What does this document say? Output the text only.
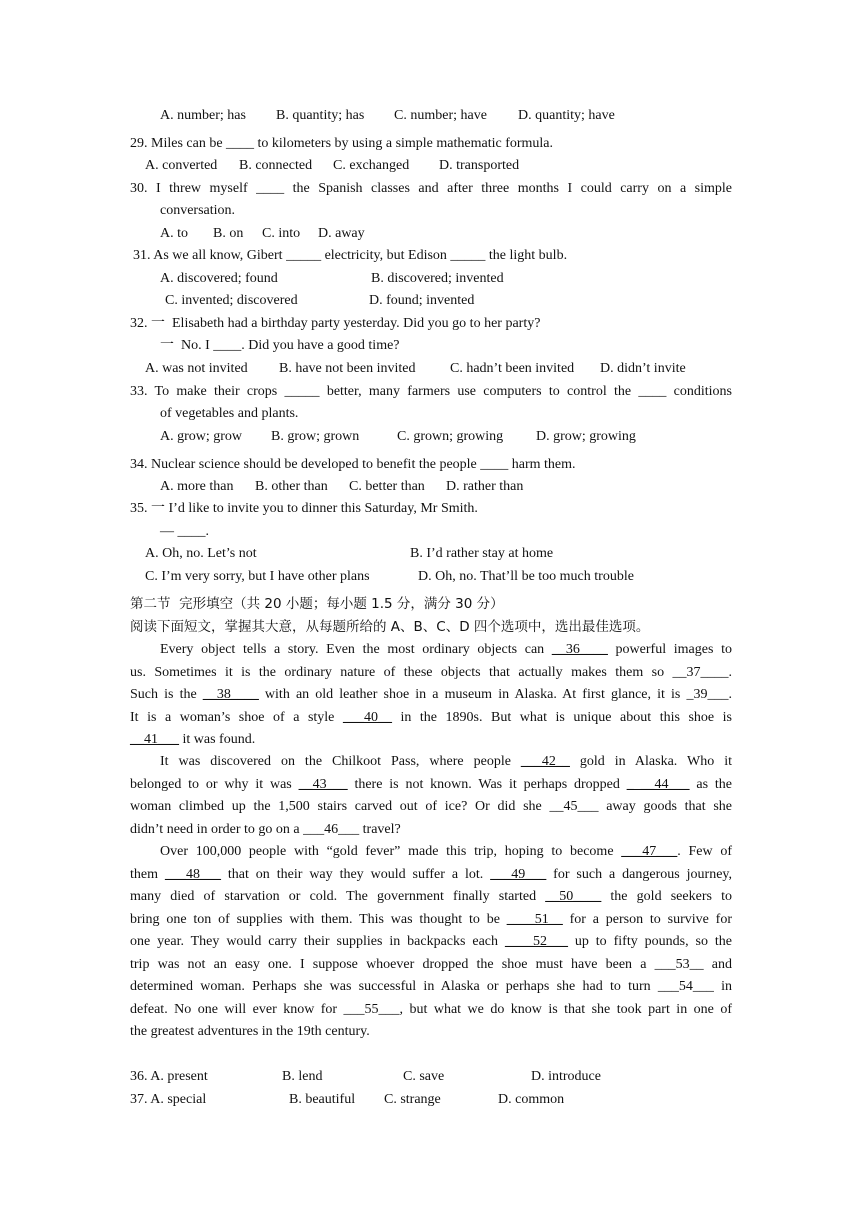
A. number; has B. quantity; has C. number; have D. quantity; have
29. Miles can be ____ to kilometers by using a simple mathematic formula.
A. converted B. connected C. exchanged D. transported
30. I threw myself ____ the Spanish classes and after three months I could carry on a simple
conversation.
A. to B. on C. into D. away
31. As we all know, Gibert _____ electricity, but Edison _____ the light bulb.
A. discovered; found	B. discovered; invented
C. invented; discovered	D. found; invented
32. 一  Elisabeth had a birthday party yesterday. Did you go to her party?
一  No. I ____. Did you have a good time?
A. was not invited B. have not been invited C. hadn’t been invited D. didn’t invite
33. To make their crops _____ better, many farmers use computers to control the ____ conditions
of vegetables and plants.
A. grow; grow B. grow; grown	C. grown; growing D. grow; growing
34. Nuclear science should be developed to benefit the people ____ harm them.
A. more than B. other than C. better than D. rather than
35. 一 I’d like to invite you to dinner this Saturday, Mr Smith.
— ____.
A. Oh, no. Let’s not	B. I’d rather stay at home
C. I’m very sorry, but I have other plans	D. Oh, no. That’ll be too much trouble
第二节  完形填空（共 20 小题；每小题 1.5 分，满分 30 分）
阅读下面短文，掌握其大意，从每题所给的 A、B、C、D 四个选项中，选出最佳选项。
Every object tells a story. Even the most ordinary objects can __36____ powerful images to
us. Sometimes it is the ordinary nature of these objects that actually makes them so __37____.
Such is the __38____ with an old leather shoe in a museum in Alaska. At first glance, it is _39___.
It is a woman’s shoe of a style ___40__ in the 1890s. But what is unique about this shoe is
__41___ it was found.
It was discovered on the Chilkoot Pass, where people ___42__ gold in Alaska. Who it
belonged to or why it was __43___ there is not known. Was it perhaps dropped _ __44___ as the
woman climbed up the 1,500 stairs carved out of ice? Or did she __45___ away goods that she
didn’t need in order to go on a ___46___ travel?
Over 100,000 people with “gold fever” made this trip, hoping to become ___47___. Few of
them ___48___ that on their way they would suffer a lot. ___49___ for such a dangerous journey,
many died of starvation or cold. The government finally started __50____ the gold seekers to
bring one ton of supplies with them. This was thought to be ____51__ for a person to survive for
one year. They would carry their supplies in backpacks each ____52___ up to fifty pounds, so the
trip was not an easy one. I suppose whoever dropped the shoe must have been a ___53__ and
determined woman. Perhaps she was successful in Alaska or perhaps she had to turn ___54___ in
defeat. No one will ever know for ___55___, but what we do know is that she took part in one of
the greatest adventures in the 19th century.
36. A. present	B. lend	C. save	D. introduce
37. A. special	B. beautiful C. strange	D. common
